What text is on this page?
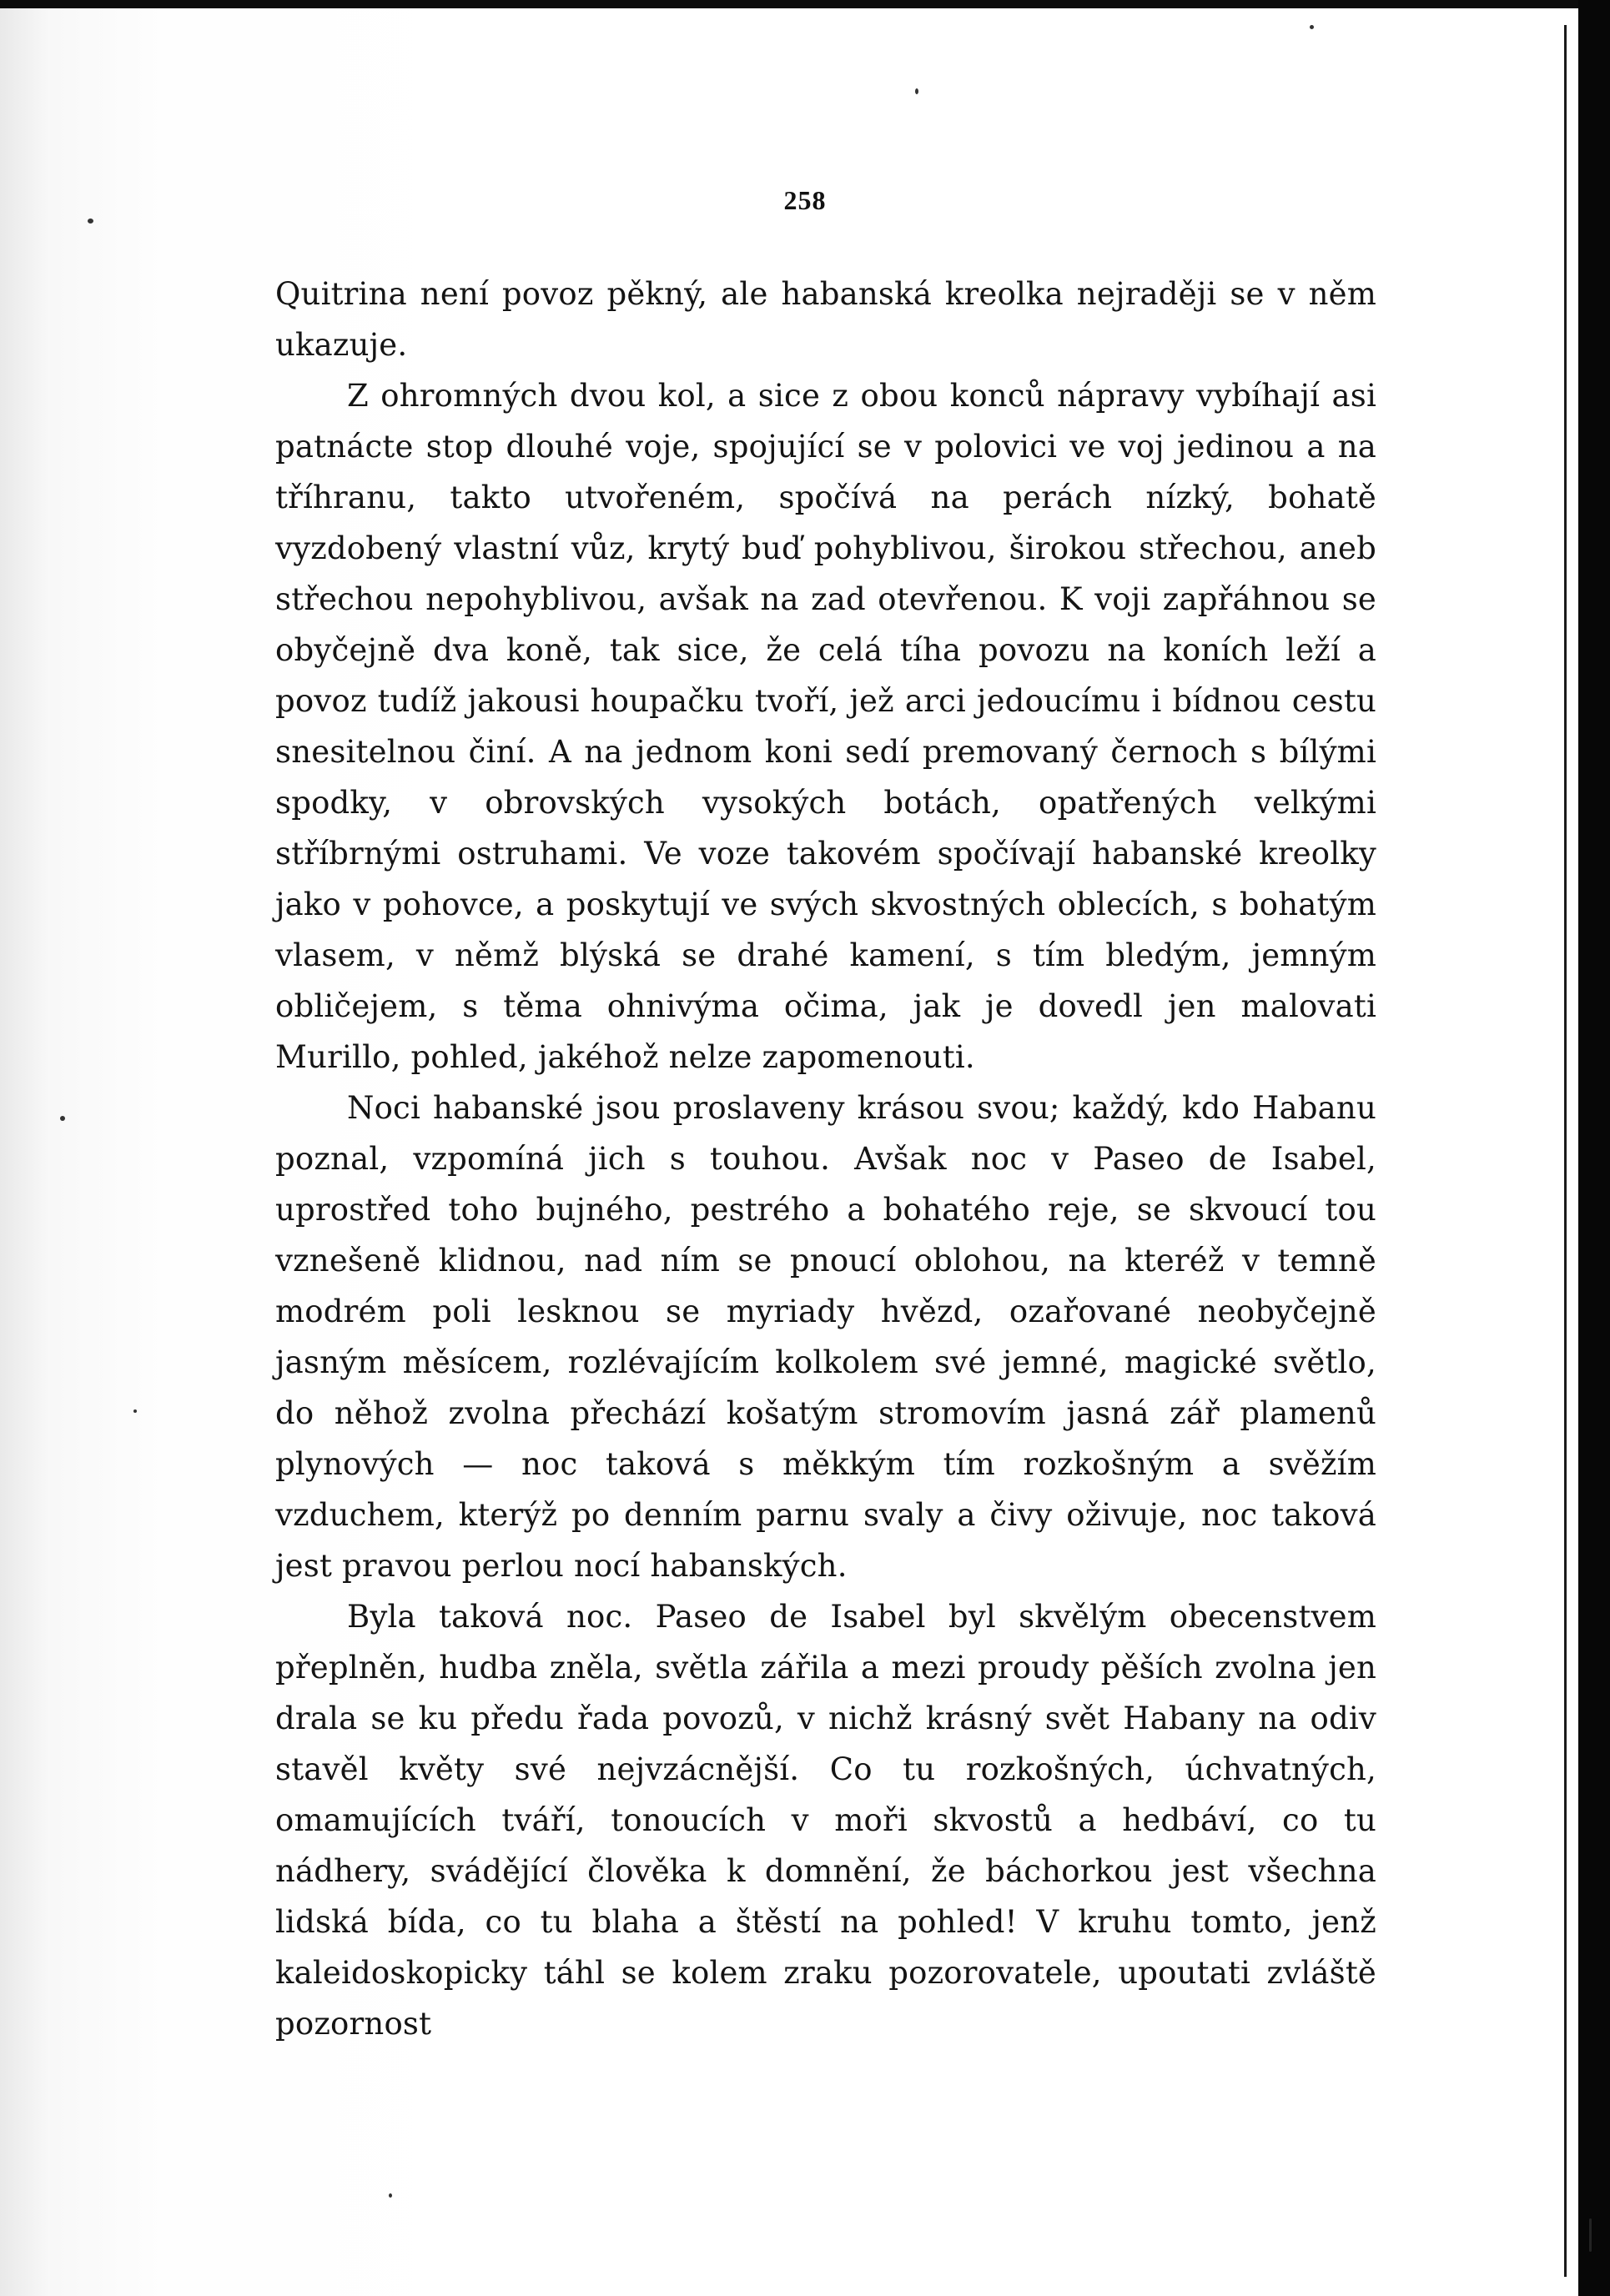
258

Quitrina není povoz pěkný, ale habanská kreolka nejraději se v něm ukazuje.

Z ohromných dvou kol, a sice z obou konců nápravy vybíhají asi patnácte stop dlouhé voje, spojující se v polovici ve voj jedinou a na tříhranu, takto utvořeném, spočívá na perách nízký, bohatě vyzdobený vlastní vůz, krytý buď pohyblivou, širokou střechou, aneb střechou nepohyblivou, avšak na zad otevřenou. K voji zapřáhnou se obyčejně dva koně, tak sice, že celá tíha povozu na koních leží a povoz tudíž jakousi houpačku tvoří, jež arci jedoucímu i bídnou cestu snesitelnou činí. A na jednom koni sedí premovaný černoch s bílými spodky, v obrovských vysokých botách, opatřených velkými stříbrnými ostruhami. Ve voze takovém spočívají habanské kreolky jako v pohovce, a poskytují ve svých skvostných oblecích, s bohatým vlasem, v němž blýská se drahé kamení, s tím bledým, jemným obličejem, s těma ohnivýma očima, jak je dovedl jen malovati Murillo, pohled, jakéhož nelze zapomenouti.

Noci habanské jsou proslaveny krásou svou; každý, kdo Habanu poznal, vzpomíná jich s touhou. Avšak noc v Paseo de Isabel, uprostřed toho bujného, pestrého a bohatého reje, se skvoucí tou vznešeně klidnou, nad ním se pnoucí oblohou, na kteréž v temně modrém poli lesknou se myriady hvězd, ozařované neobyčejně jasným měsícem, rozlévajícím kolkolem své jemné, magické světlo, do něhož zvolna přechází košatým stromovím jasná zář plamenů plynových — noc taková s měkkým tím rozkošným a svěžím vzduchem, kterýž po denním parnu svaly a čivy oživuje, noc taková jest pravou perlou nocí habanských.

Byla taková noc. Paseo de Isabel byl skvělým obecenstvem přeplněn, hudba zněla, světla zářila a mezi proudy pěších zvolna jen drala se ku předu řada povozů, v nichž krásný svět Habany na odiv stavěl květy své nejvzácnější. Co tu rozkošných, úchvatných, omamujících tváří, tonoucích v moři skvostů a hedbáví, co tu nádhery, svádějící člověka k domnění, že báchorkou jest všechna lidská bída, co tu blaha a štěstí na pohled! V kruhu tomto, jenž kaleidoskopicky táhl se kolem zraku pozorovatele, upoutati zvláště pozornost
